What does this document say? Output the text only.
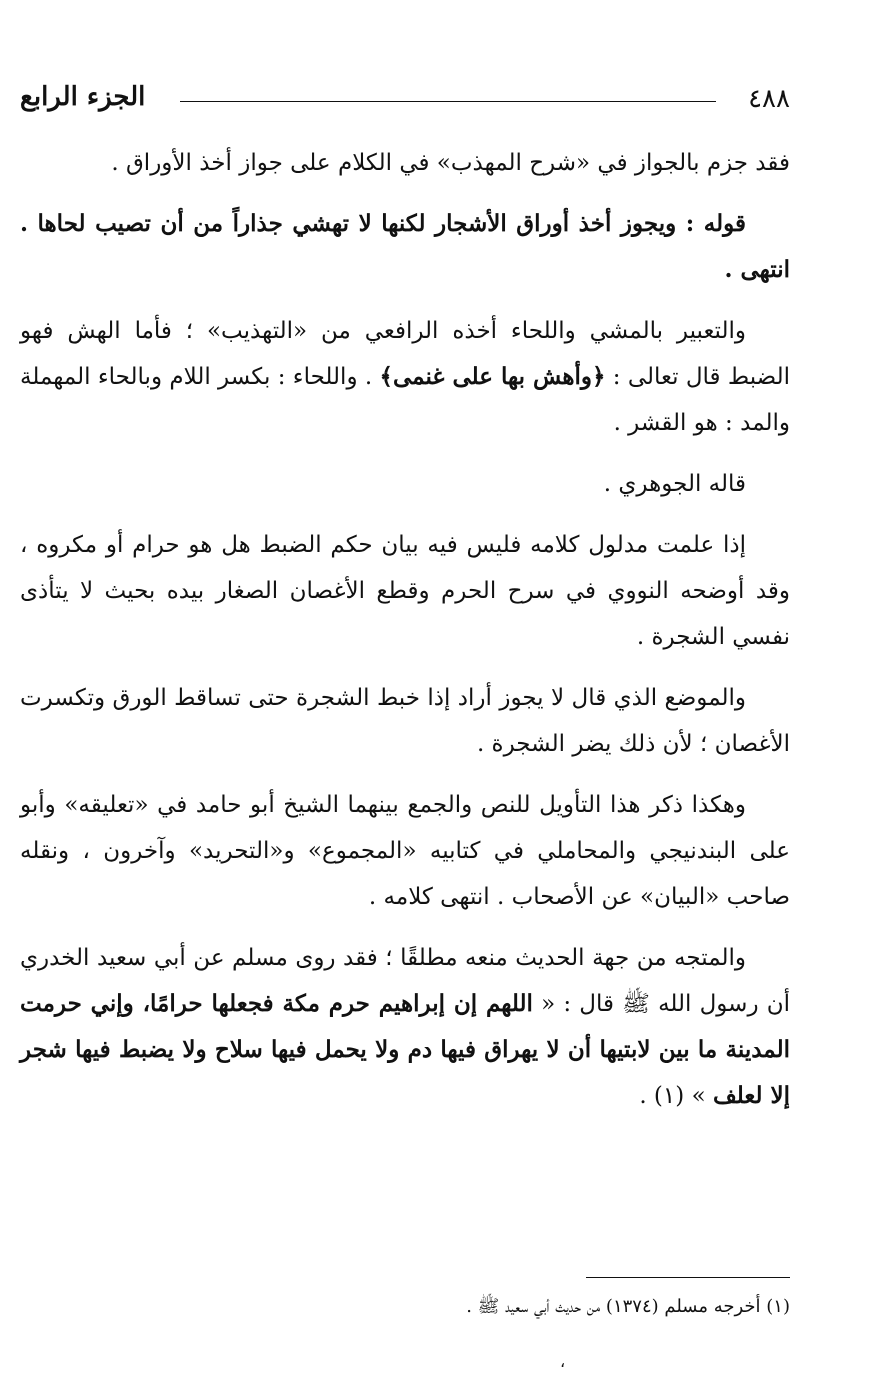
٤٨٨
الجزء الرابع

فقد جزم بالجواز في «شرح المهذب» في الكلام على جواز أخذ الأوراق .

قوله : ويجوز أخذ أوراق الأشجار لكنها لا تهشي جذاراً من أن تصيب لحاها . انتهى .

والتعبير بالمشي واللحاء أخذه الرافعي من «التهذيب» ؛ فأما الهش فهو الضبط قال تعالى : ﴿وأهش بها على غنمى﴾ . واللحاء : بكسر اللام وبالحاء المهملة والمد : هو القشر .

قاله الجوهري .

إذا علمت مدلول كلامه فليس فيه بيان حكم الضبط هل هو حرام أو مكروه ، وقد أوضحه النووي في سرح الحرم وقطع الأغصان الصغار بيده بحيث لا يتأذى نفسي الشجرة .

والموضع الذي قال لا يجوز أراد إذا خبط الشجرة حتى تساقط الورق وتكسرت الأغصان ؛ لأن ذلك يضر الشجرة .

وهكذا ذكر هذا التأويل للنص والجمع بينهما الشيخ أبو حامد في «تعليقه» وأبو على البندنيجي والمحاملي في كتابيه «المجموع» و«التحريد» وآخرون ، ونقله صاحب «البيان» عن الأصحاب . انتهى كلامه .

والمتجه من جهة الحديث منعه مطلقًا ؛ فقد روى مسلم عن أبي سعيد الخدري أن رسول الله ﷺ قال : « اللهم إن إبراهيم حرم مكة فجعلها حرامًا، وإني حرمت المدينة ما بين لابتيها أن لا يهراق فيها دم ولا يحمل فيها سلاح ولا يضبط فيها شجر إلا لعلف » (١) .

(١) أخرجه مسلم (١٣٧٤) من حديث أبي سعيد ﷺ .
،
